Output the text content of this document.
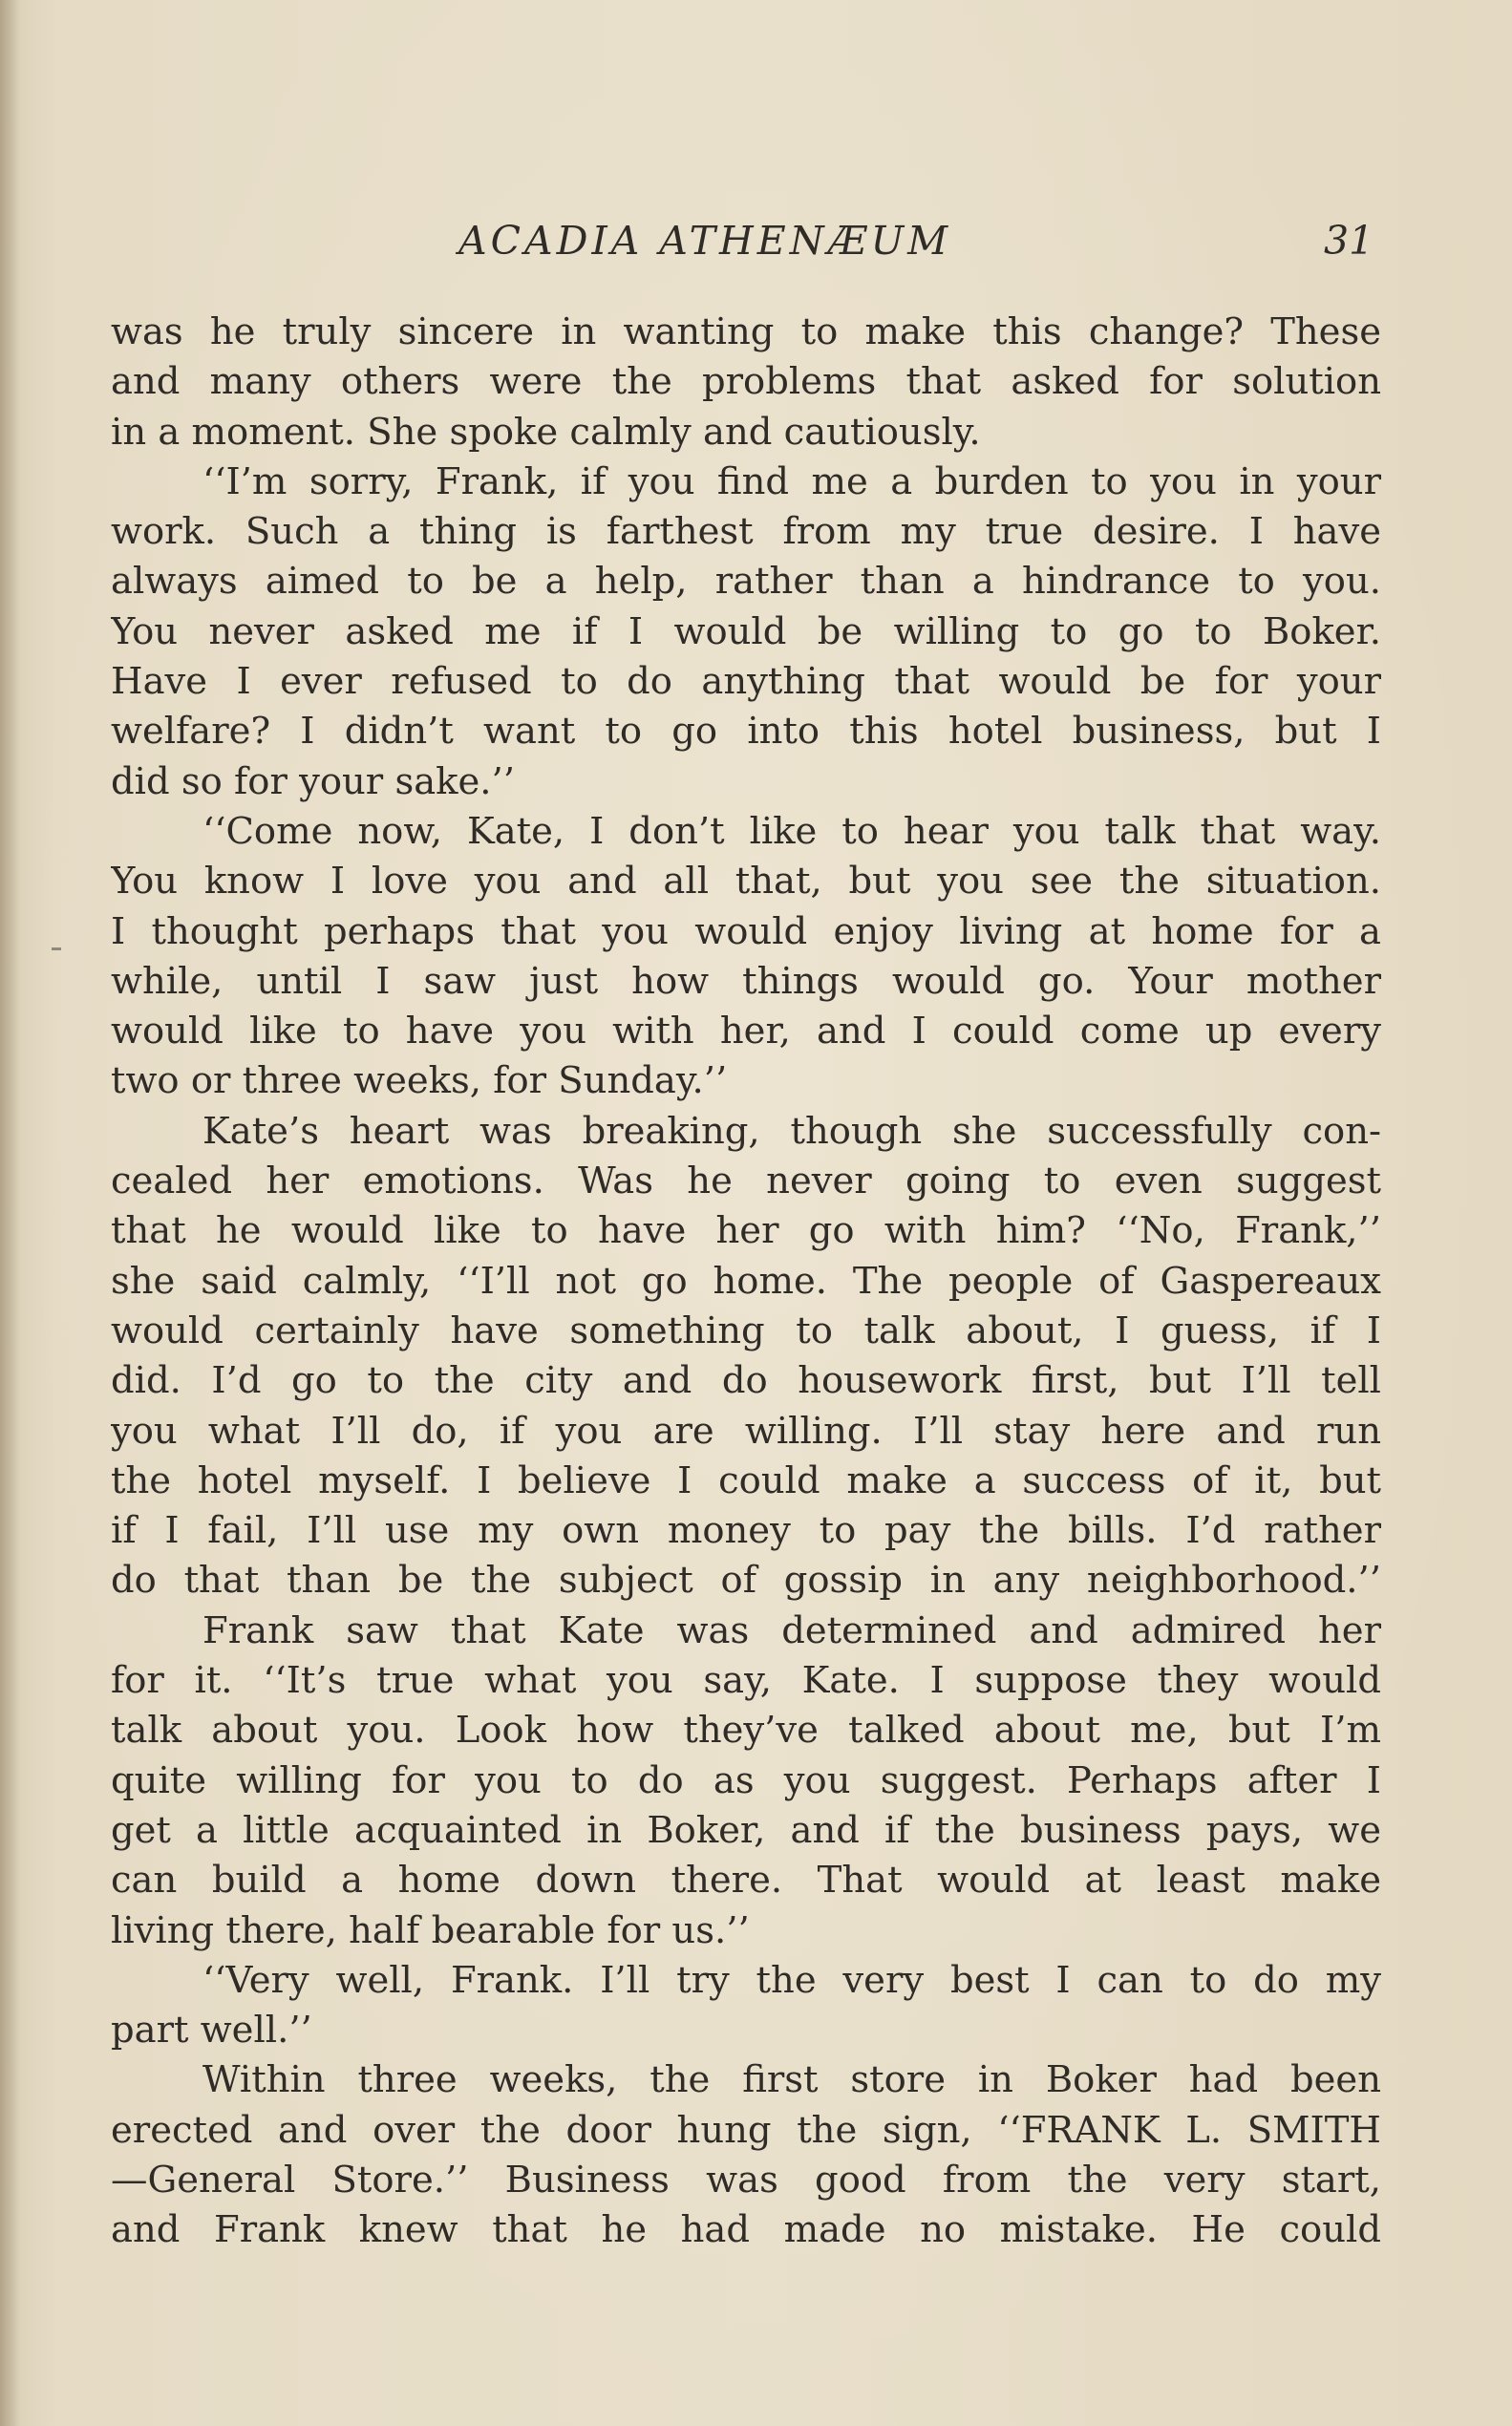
ACADIA ATHENÆUM	31
was he truly sincere in wanting to make this change? These
and many others were the problems that asked for solution
in a moment. She spoke calmly and cautiously.
‘‘I’m sorry, Frank, if you find me a burden to you in your
work. Such a thing is farthest from my true desire. I have
always aimed to be a help, rather than a hindrance to you.
You never asked me if I would be willing to go to Boker.
Have I ever refused to do anything that would be for your
welfare? I didn’t want to go into this hotel business, but I
did so for your sake.’’
‘‘Come now, Kate, I don’t like to hear you talk that way.
You know I love you and all that, but you see the situation.
I thought perhaps that you would enjoy living at home for a
while, until I saw just how things would go. Your mother
would like to have you with her, and I could come up every
two or three weeks, for Sunday.’’
Kate’s heart was breaking, though she successfully con-
cealed her emotions. Was he never going to even suggest
that he would like to have her go with him? ‘‘No, Frank,’’
she said calmly, ‘‘I’ll not go home. The people of Gaspereaux
would certainly have something to talk about, I guess, if I
did. I’d go to the city and do housework first, but I’ll tell
you what I’ll do, if you are willing. I’ll stay here and run
the hotel myself. I believe I could make a success of it, but
if I fail, I’ll use my own money to pay the bills. I’d rather
do that than be the subject of gossip in any neighborhood.’’
Frank saw that Kate was determined and admired her
for it. ‘‘It’s true what you say, Kate. I suppose they would
talk about you. Look how they’ve talked about me, but I’m
quite willing for you to do as you suggest. Perhaps after I
get a little acquainted in Boker, and if the business pays, we
can build a home down there. That would at least make
living there, half bearable for us.’’
‘‘Very well, Frank. I’ll try the very best I can to do my
part well.’’
Within three weeks, the first store in Boker had been
erected and over the door hung the sign, ‘‘FRANK L. SMITH
—General Store.’’ Business was good from the very start,
and Frank knew that he had made no mistake. He could
